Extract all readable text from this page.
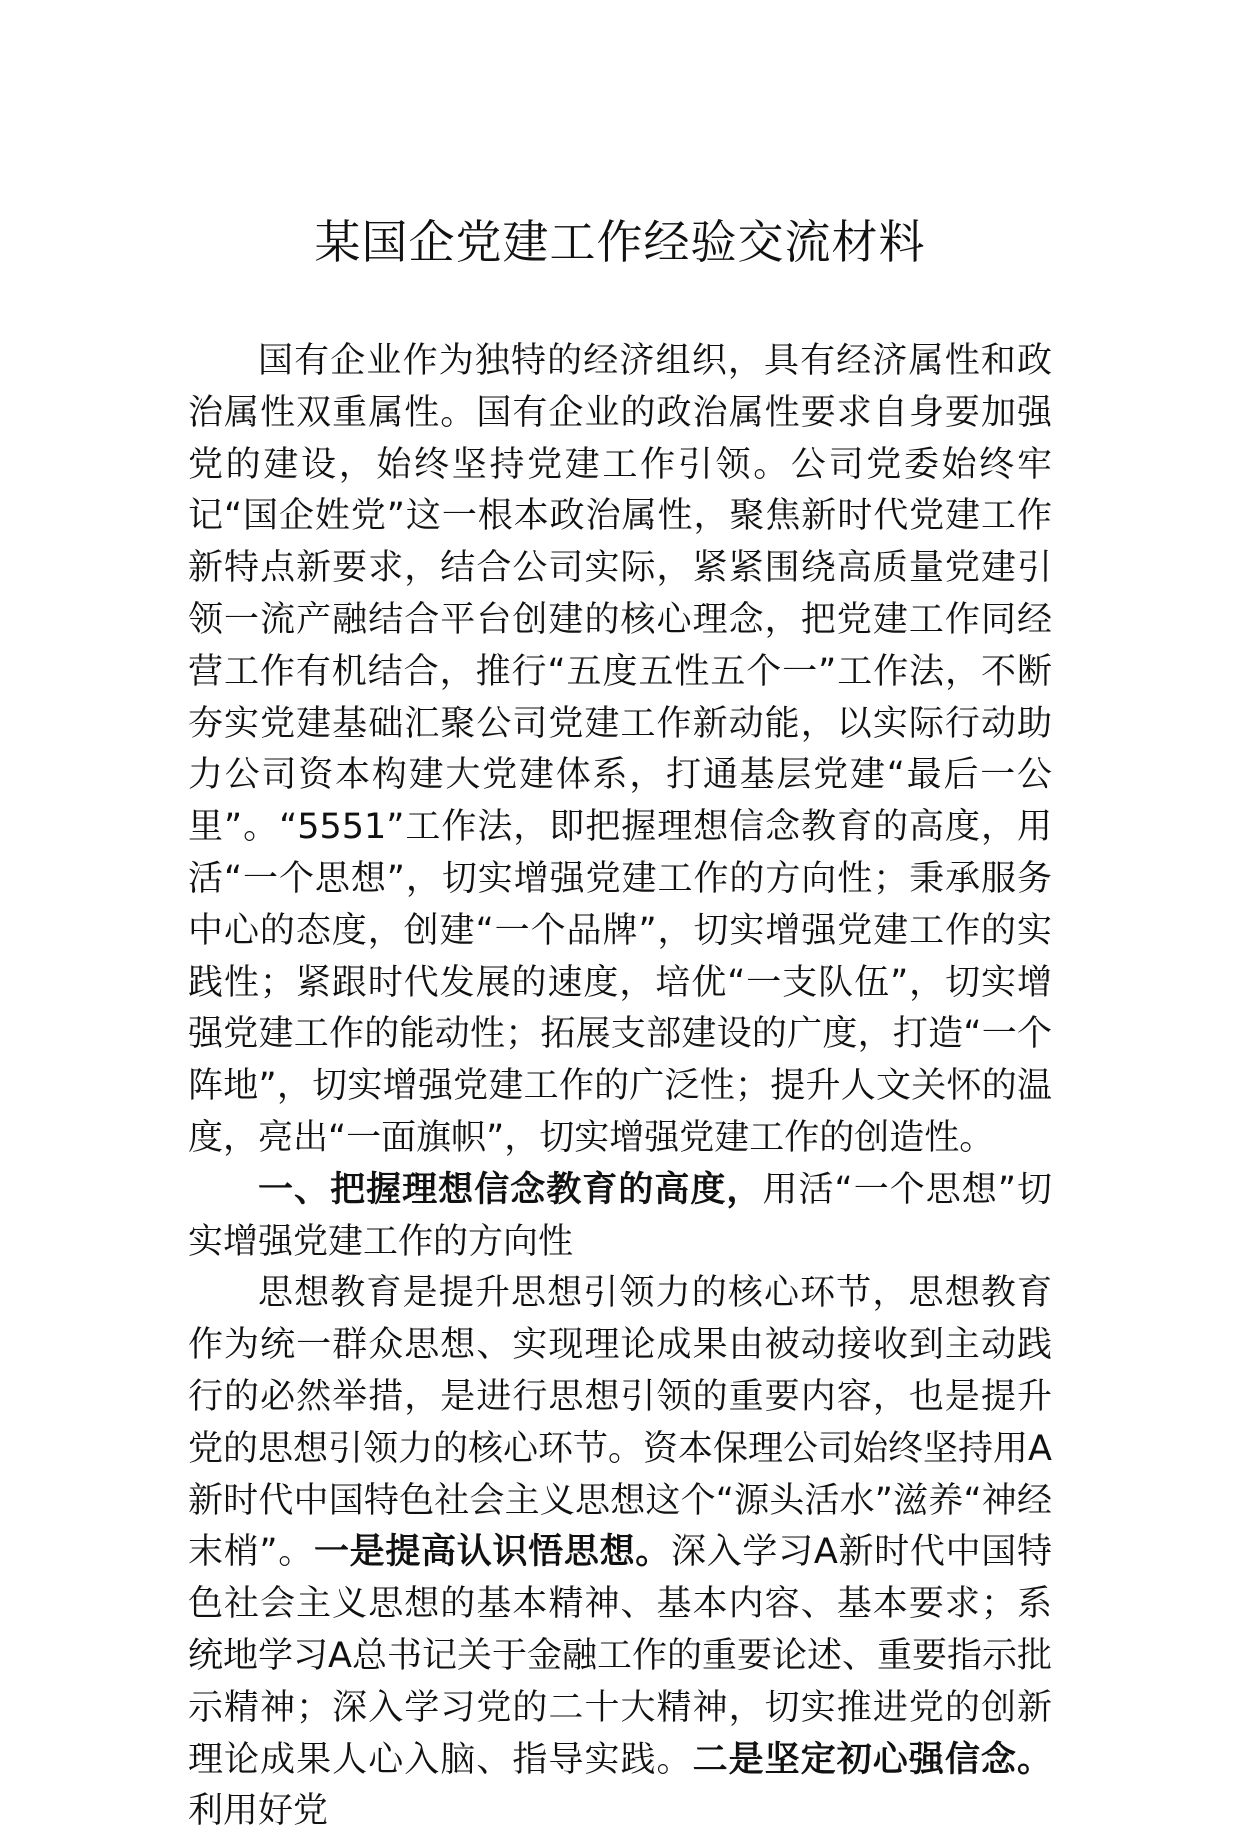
某国企党建工作经验交流材料

国有企业作为独特的经济组织，具有经济属性和政治属性双重属性。国有企业的政治属性要求自身要加强党的建设，始终坚持党建工作引领。公司党委始终牢记“国企姓党”这一根本政治属性，聚焦新时代党建工作新特点新要求，结合公司实际，紧紧围绕高质量党建引领一流产融结合平台创建的核心理念，把党建工作同经营工作有机结合，推行“五度五性五个一”工作法，不断夯实党建基础汇聚公司党建工作新动能，以实际行动助力公司资本构建大党建体系，打通基层党建“最后一公里”。“5551”工作法，即把握理想信念教育的高度，用活“一个思想”，切实增强党建工作的方向性；秉承服务中心的态度，创建“一个品牌”，切实增强党建工作的实践性；紧跟时代发展的速度，培优“一支队伍”，切实增强党建工作的能动性；拓展支部建设的广度，打造“一个阵地”，切实增强党建工作的广泛性；提升人文关怀的温度，亮出“一面旗帜”，切实增强党建工作的创造性。

一、把握理想信念教育的高度，用活“一个思想”切实增强党建工作的方向性

思想教育是提升思想引领力的核心环节，思想教育作为统一群众思想、实现理论成果由被动接收到主动践行的必然举措，是进行思想引领的重要内容，也是提升党的思想引领力的核心环节。资本保理公司始终坚持用A新时代中国特色社会主义思想这个“源头活水”滋养“神经末梢”。一是提高认识悟思想。深入学习A新时代中国特色社会主义思想的基本精神、基本内容、基本要求；系统地学习A总书记关于金融工作的重要论述、重要指示批示精神；深入学习党的二十大精神，切实推进党的创新理论成果人心入脑、指导实践。二是坚定初心强信念。利用好党
